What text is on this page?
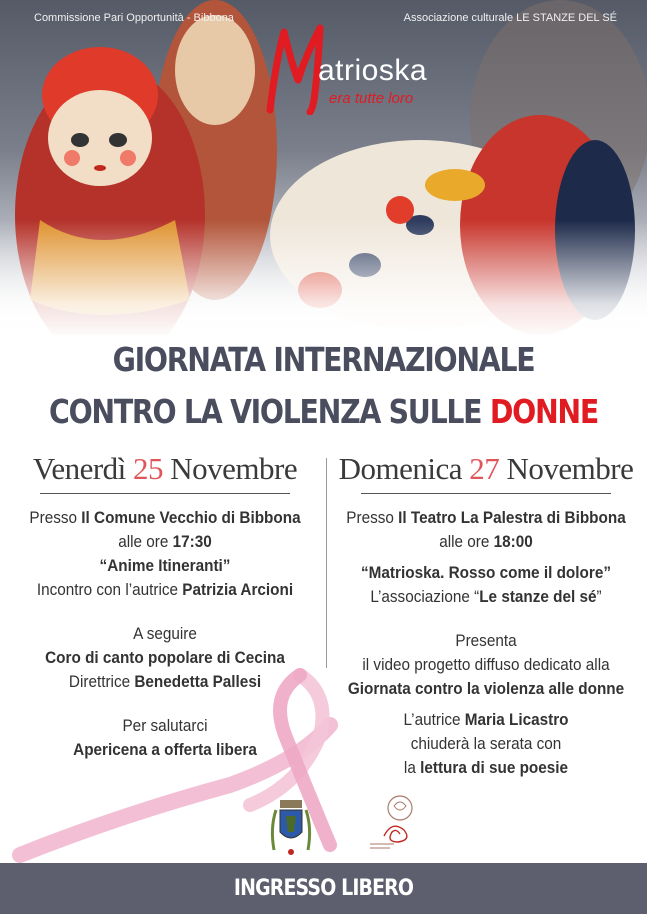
Commissione Pari Opportunità - Bibbona	Associazione culturale LE STANZE DEL SÉ
atrioska
era tutte loro
GIORNATA INTERNAZIONALE
CONTRO LA VIOLENZA SULLE DONNE
Venerdì 25 Novembre
Presso Il Comune Vecchio di Bibbona
alle ore 17:30
“Anime Itineranti”
Incontro con l’autrice Patrizia Arcioni
A seguire
Coro di canto popolare di Cecina
Direttrice Benedetta Pallesi
Per salutarci
Apericena a offerta libera
Domenica 27 Novembre
Presso Il Teatro La Palestra di Bibbona
alle ore 18:00
“Matrioska. Rosso come il dolore”
L’associazione “Le stanze del sé”
Presenta
il video progetto diffuso dedicato alla
Giornata contro la violenza alle donne
L’autrice Maria Licastro
chiuderà la serata con
la lettura di sue poesie
INGRESSO LIBERO
